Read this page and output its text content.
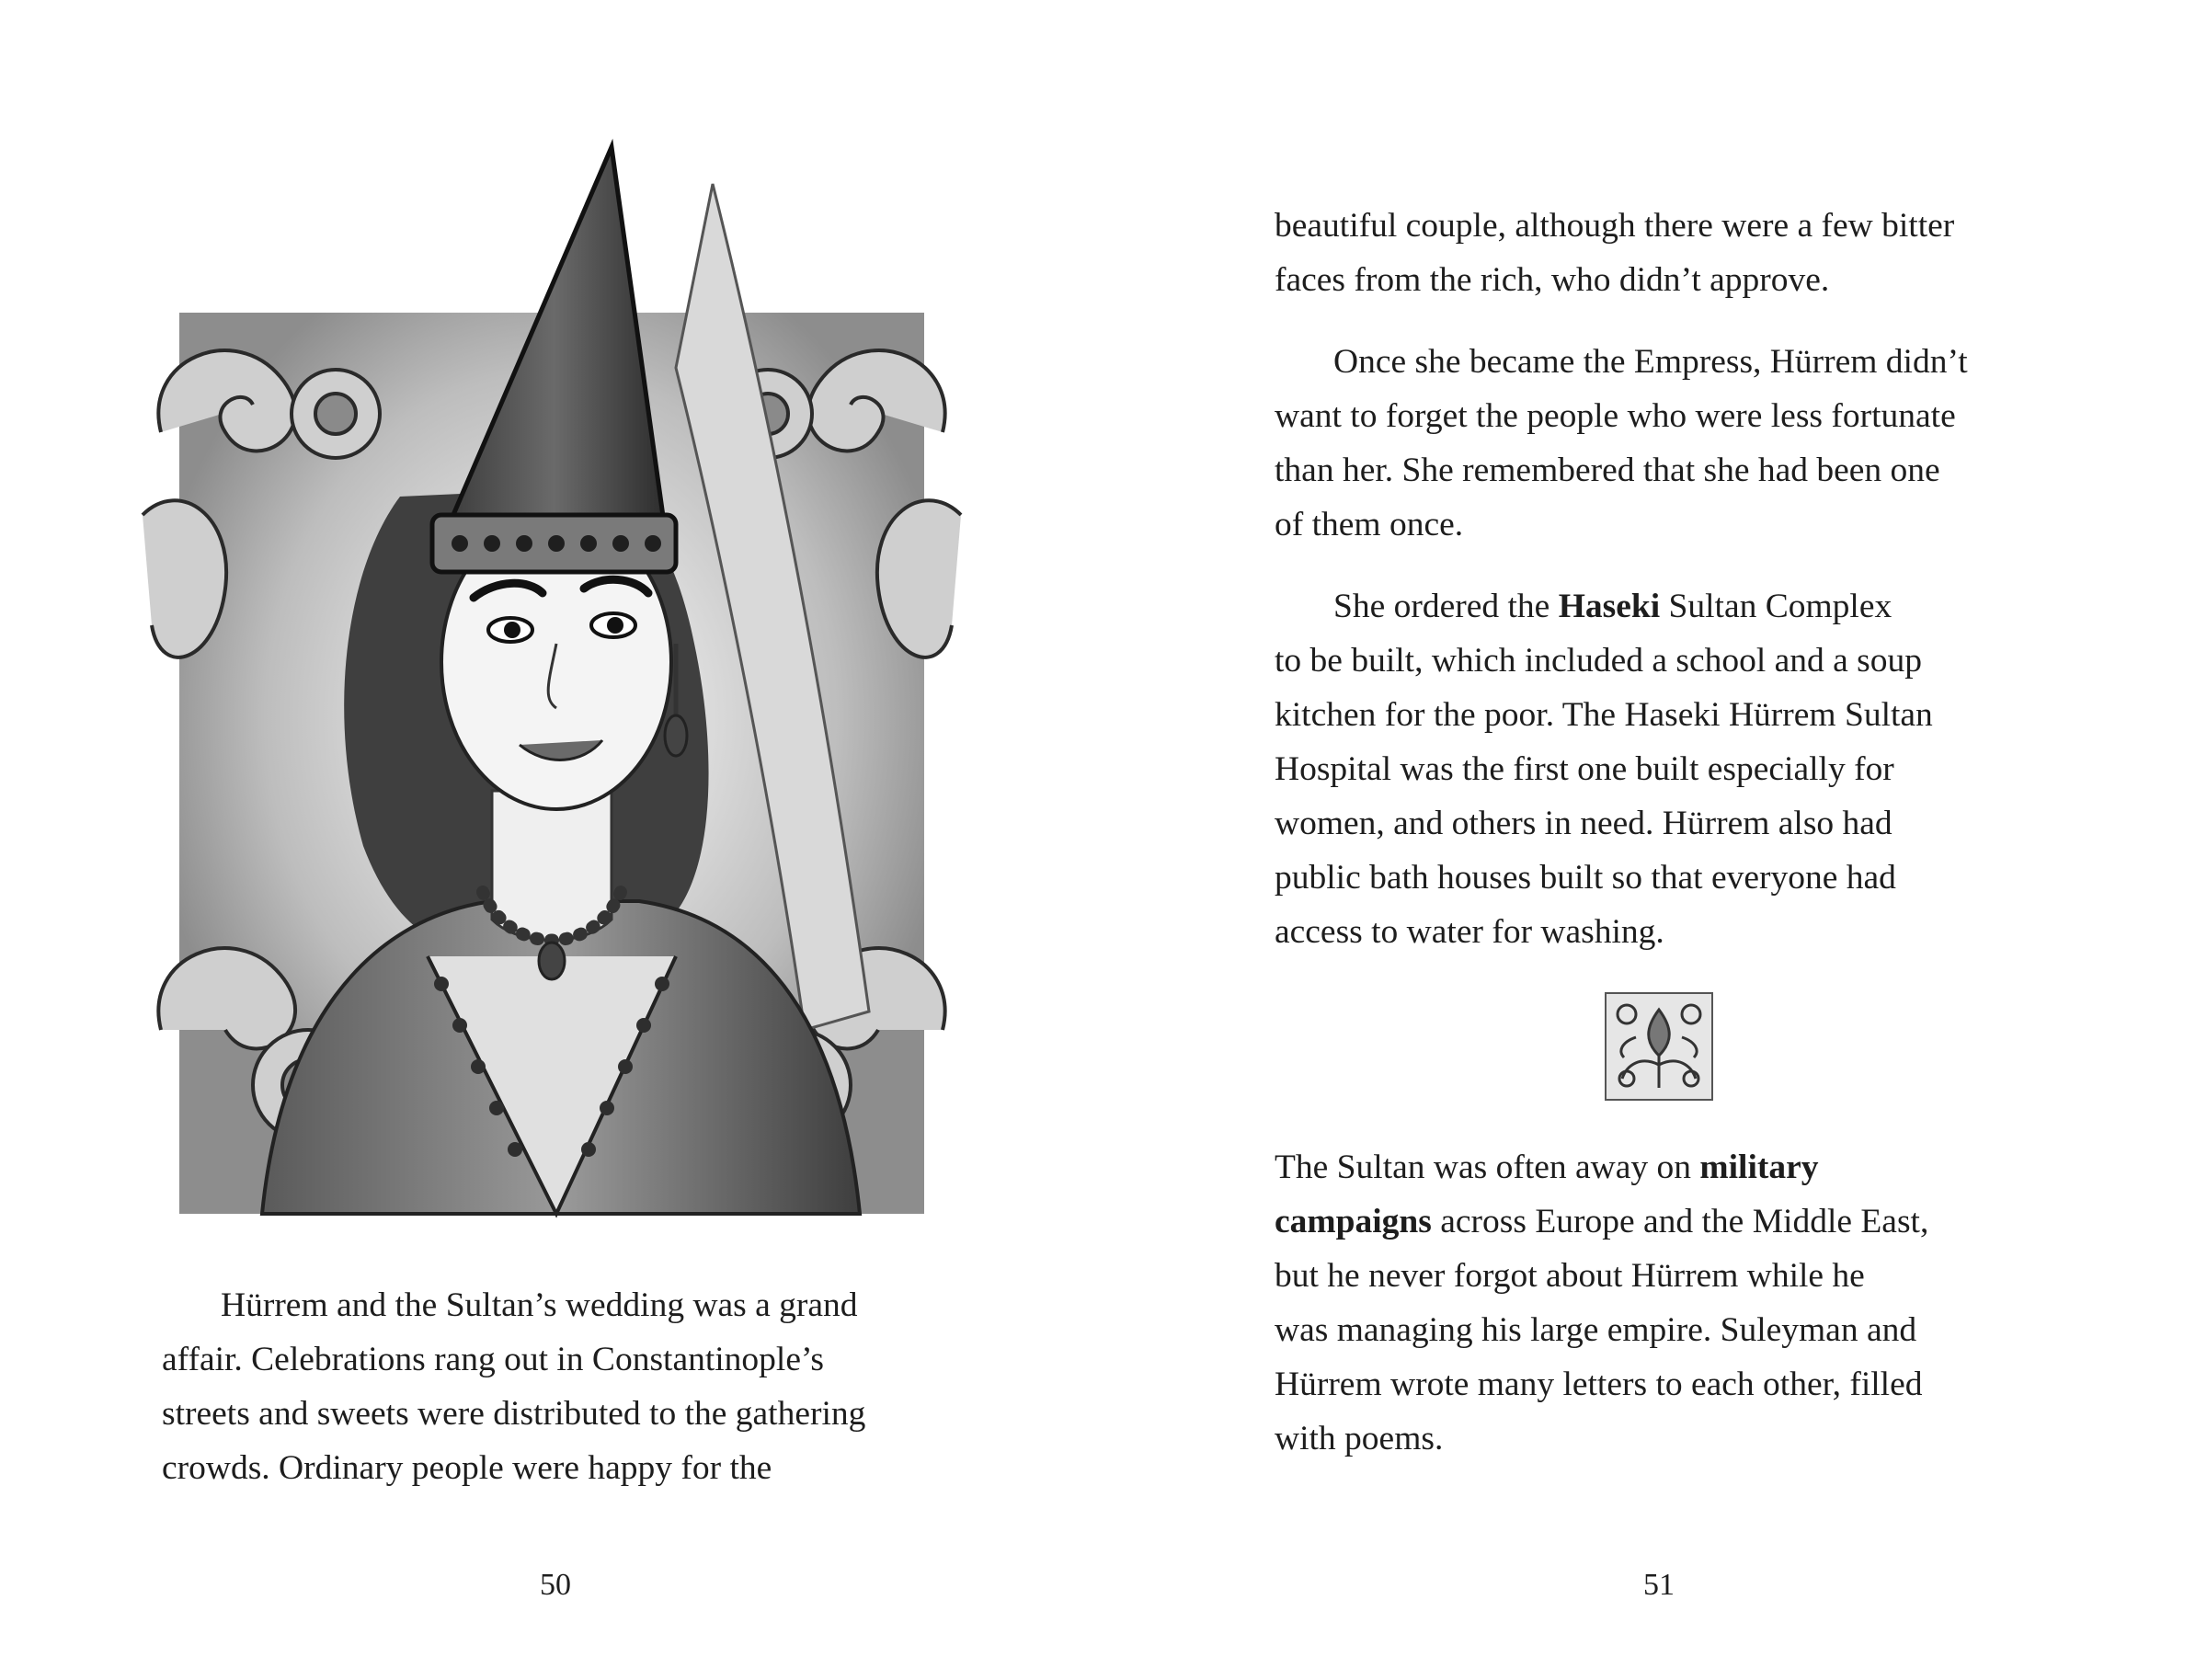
Hürrem and the Sultan’s wedding was a grand
affair. Celebrations rang out in Constantinople’s
streets and sweets were distributed to the gathering
crowds. Ordinary people were happy for the

50

beautiful couple, although there were a few bitter
faces from the rich, who didn’t approve.

Once she became the Empress, Hürrem didn’t
want to forget the people who were less fortunate
than her. She remembered that she had been one
of them once.

She ordered the Haseki Sultan Complex
to be built, which included a school and a soup
kitchen for the poor. The Haseki Hürrem Sultan
Hospital was the first one built especially for
women, and others in need. Hürrem also had
public bath houses built so that everyone had
access to water for washing.

The Sultan was often away on military
campaigns across Europe and the Middle East,
but he never forgot about Hürrem while he
was managing his large empire. Suleyman and
Hürrem wrote many letters to each other, filled
with poems.

51
